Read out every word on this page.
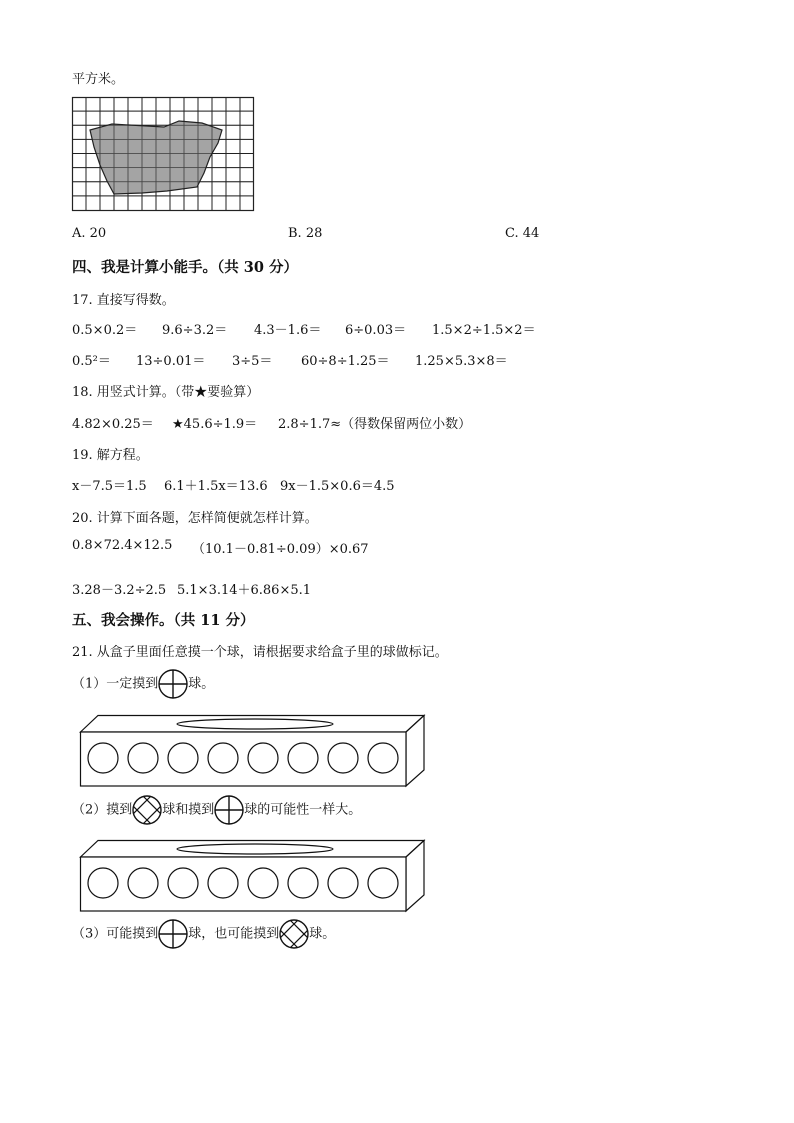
平方米。
A. 20	B. 28	C. 44
四、我是计算小能手。（共 30 分）
17. 直接写得数。
0.5×0.2＝ 9.6÷3.2＝ 4.3－1.6＝ 6÷0.03＝ 1.5×2÷1.5×2＝
0.5²＝ 13÷0.01＝ 3÷5＝ 60÷8÷1.25＝ 1.25×5.3×8＝
18. 用竖式计算。（带★要验算）
4.82×0.25＝ ★45.6÷1.9＝ 2.8÷1.7≈（得数保留两位小数）
19. 解方程。
x－7.5＝1.5 6.1＋1.5x＝13.6 9x－1.5×0.6＝4.5
20. 计算下面各题，怎样简便就怎样计算。
0.8×72.4×12.5 （10.1－0.81÷0.09）×0.67
3.28－3.2÷2.5 5.1×3.14＋6.86×5.1
五、我会操作。（共 11 分）
21. 从盒子里面任意摸一个球，请根据要求给盒子里的球做标记。
（1）一定摸到 球。
（2）摸到 球和摸到 球的可能性一样大。
（3）可能摸到 球，也可能摸到 球。
